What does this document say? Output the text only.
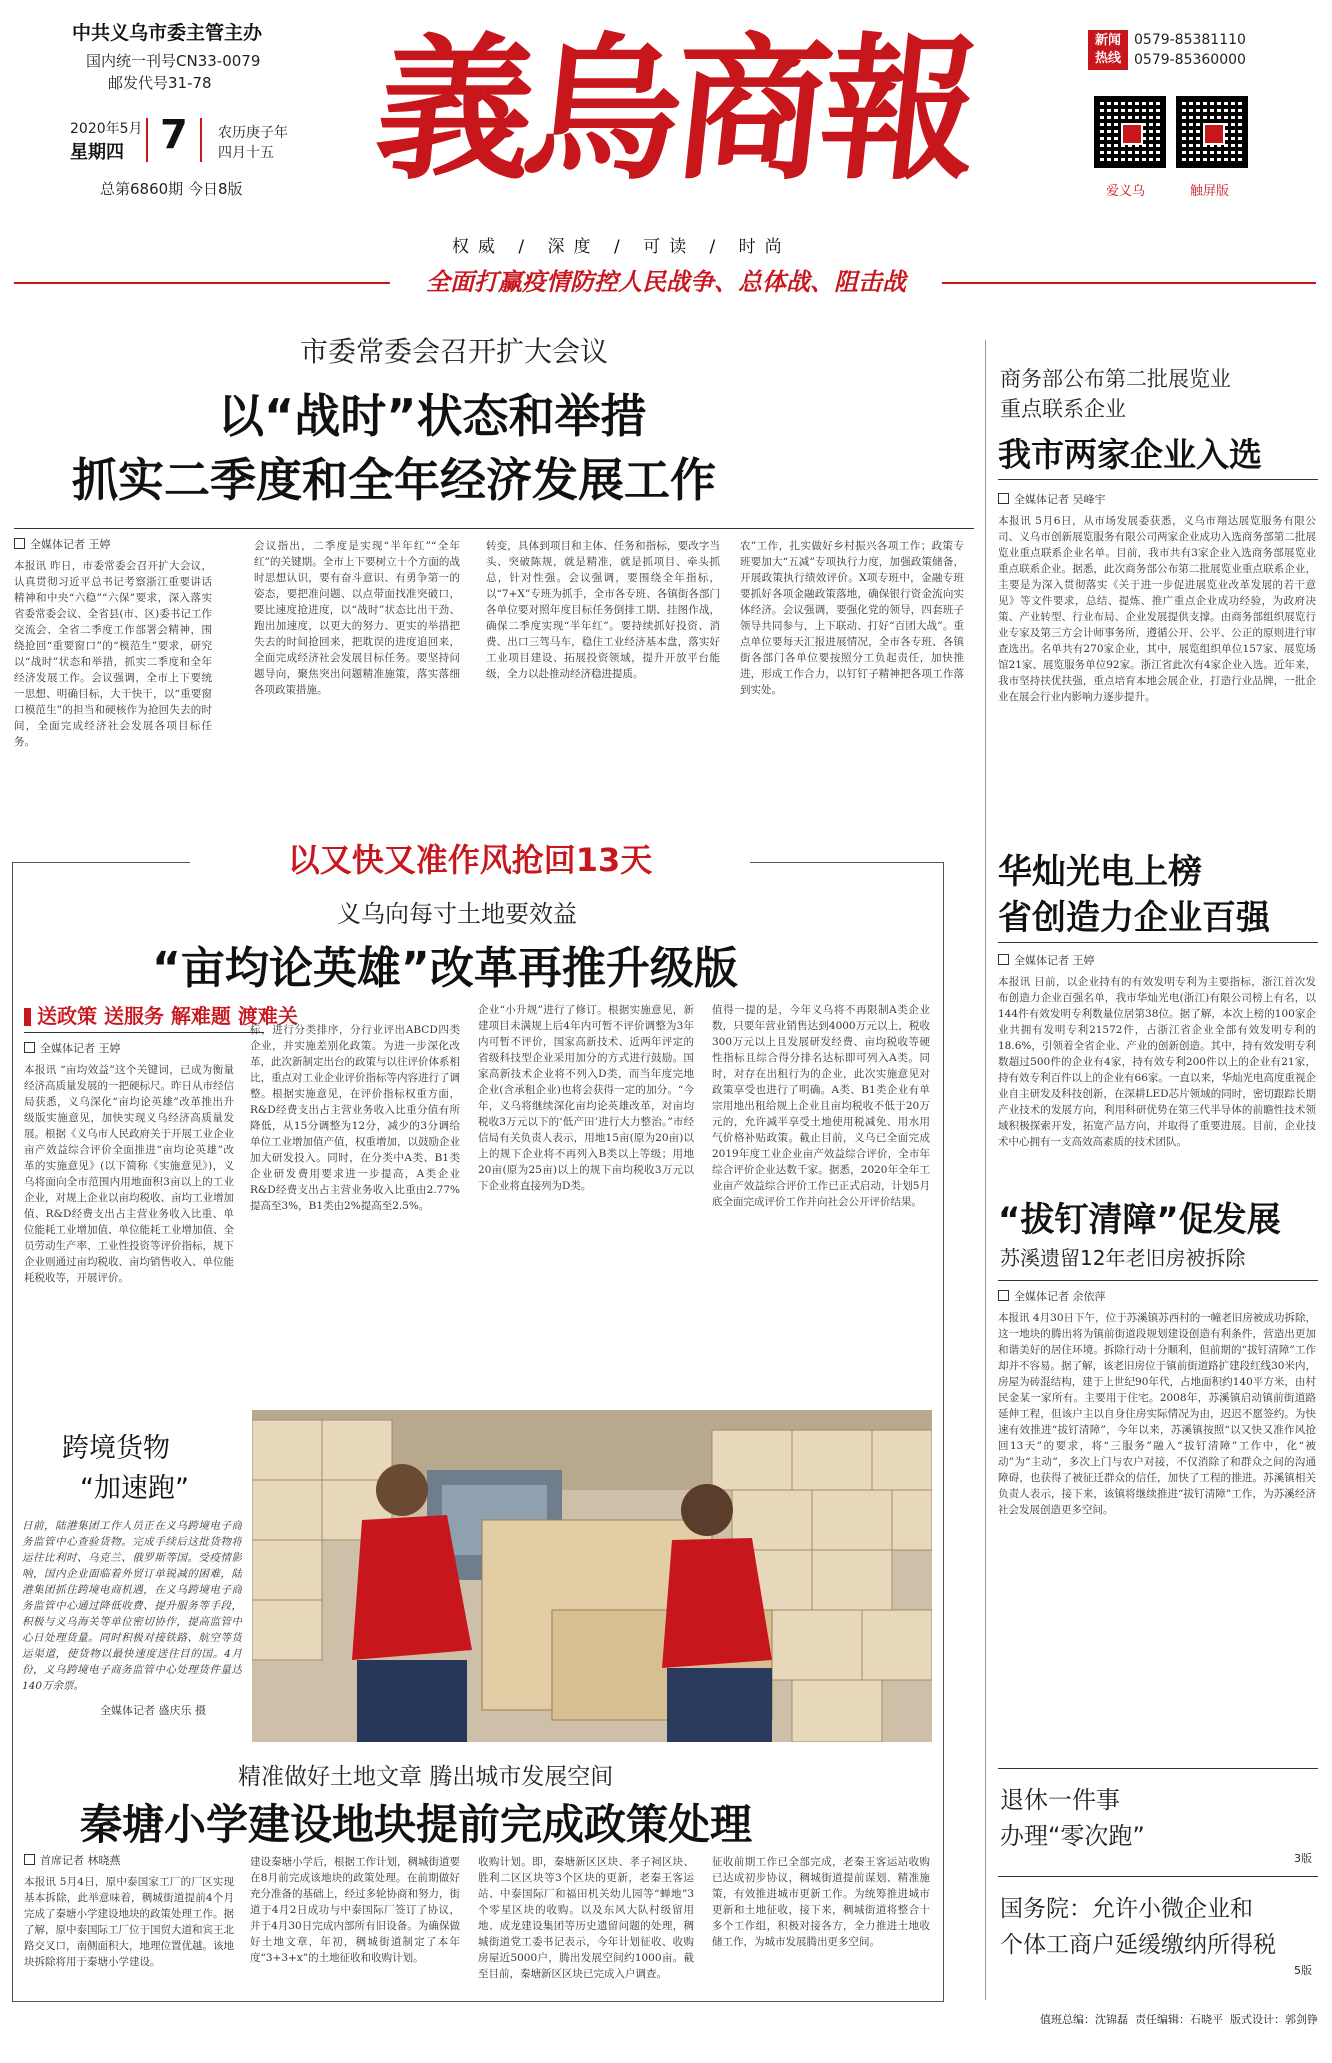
中共义乌市委主管主办
国内统一刊号CN33-0079
邮发代号31-78
2020年5月
星期四 7 农历庚子年
四月十五
总第6860期 今日8版 義烏商報	新闻
热线
0579-85381110
0579-85360000
爱义乌	触屏版
权威 / 深度 / 可读 / 时尚
全面打赢疫情防控人民战争、总体战、阻击战
市委常委会召开扩大会议
以“战时”状态和举措
抓实二季度和全年经济发展工作
全媒体记者 王婷
本报讯 昨日，市委常委会召开扩大会议，认真贯彻习近平总书记考察浙江重要讲话精神和中央“六稳”“六保”要求，深入落实省委常委会议、全省县(市、区)委书记工作交流会、全省二季度工作部署会精神，围绕抢回“重要窗口”的“模范生”要求，研究以“战时”状态和举措，抓实二季度和全年经济发展工作。会议强调，全市上下要统一思想、明确目标，大干快干，以“重要窗口模范生”的担当和硬核作为抢回失去的时间，全面完成经济社会发展各项目标任务。
会议指出，二季度是实现“半年红”“全年红”的关键期。全市上下要树立十个方面的战时思想认识，要有奋斗意识、有勇争第一的姿态，要把准问题、以点带面找准突破口，要比速度抢进度，以“战时”状态比出干劲、跑出加速度，以更大的努力、更实的举措把失去的时间抢回来，把耽误的进度追回来，全面完成经济社会发展目标任务。要坚持问题导向，聚焦突出问题精准施策，落实落细各项政策措施。
转变，具体到项目和主体、任务和指标，要改字当头、突破陈规，就是精准，就是抓项目、牵头抓总，针对性强。会议强调，要围绕全年指标，以“7+X”专班为抓手，全市各专班、各镇街各部门各单位要对照年度目标任务倒排工期、挂图作战，确保二季度实现“半年红”。要持续抓好投资、消费、出口三驾马车，稳住工业经济基本盘，落实好工业项目建设、拓展投资领域，提升开放平台能级，全力以赴推动经济稳进提质。
农”工作，扎实做好乡村振兴各项工作；政策专班要加大“五减”专项执行力度，加强政策储备，开展政策执行绩效评价。X项专班中，金融专班要抓好各项金融政策落地，确保银行资金流向实体经济。会议强调，要强化党的领导，四套班子领导共同参与，上下联动、打好“百团大战”。重点单位要每天汇报进展情况，全市各专班、各镇街各部门各单位要按照分工负起责任，加快推进，形成工作合力，以钉钉子精神把各项工作落到实处。
商务部公布第二批展览业
重点联系企业
我市两家企业入选
全媒体记者 吴峰宇
本报讯 5月6日，从市场发展委获悉，义乌市翔达展览服务有限公司、义乌市创新展览服务有限公司两家企业成功入选商务部第二批展览业重点联系企业名单。目前，我市共有3家企业入选商务部展览业重点联系企业。据悉，此次商务部公布第二批展览业重点联系企业，主要是为深入贯彻落实《关于进一步促进展览业改革发展的若干意见》等文件要求，总结、提炼、推广重点企业成功经验，为政府决策、产业转型、行业布局、企业发展提供支撑。由商务部组织展览行业专家及第三方会计师事务所，遵循公开、公平、公正的原则进行审查选出。名单共有270家企业，其中，展览组织单位157家、展览场馆21家、展览服务单位92家。浙江省此次有4家企业入选。近年来，我市坚持扶优扶强，重点培育本地会展企业，打造行业品牌，一批企业在展会行业内影响力逐步提升。
华灿光电上榜
省创造力企业百强
全媒体记者 王婷
本报讯 日前，以企业持有的有效发明专利为主要指标，浙江首次发布创造力企业百强名单，我市华灿光电(浙江)有限公司榜上有名，以144件有效发明专利数量位居第38位。据了解，本次上榜的100家企业共拥有发明专利21572件，占浙江省企业全部有效发明专利的18.6%，引领着全省企业、产业的创新创造。其中，持有效发明专利数超过500件的企业有4家，持有效专利200件以上的企业有21家，持有效专利百件以上的企业有66家。一直以来，华灿光电高度重视企业自主研发及科技创新，在深耕LED芯片领域的同时，密切跟踪长期产业技术的发展方向，利用科研优势在第三代半导体的前瞻性技术领域积极探索开发，拓宽产品方向，并取得了重要进展。目前，企业技术中心拥有一支高效高素质的技术团队。
“拔钉清障”促发展
苏溪遗留12年老旧房被拆除
全媒体记者 余依萍
本报讯 4月30日下午，位于苏溪镇苏西村的一幢老旧房被成功拆除，这一地块的腾出将为镇前街道段规划建设创造有利条件，营造出更加和谐美好的居住环境。拆除行动十分顺利，但前期的“拔钉清障”工作却并不容易。据了解，该老旧房位于镇前街道路扩建段红线30米内，房屋为砖混结构，建于上世纪90年代，占地面积约140平方米，由村民金某一家所有。主要用于住宅。2008年，苏溪镇启动镇前街道路延伸工程，但该户主以自身住房实际情况为由，迟迟不愿签约。为快速有效推进“拔钉清障”，今年以来，苏溪镇按照“以又快又准作风抢回13天”的要求，将“三服务”融入“拔钉清障”工作中，化“被动”为“主动”，多次上门与农户对接，不仅消除了和群众之间的沟通障碍，也获得了被征迁群众的信任，加快了工程的推进。苏溪镇相关负责人表示，接下来，该镇将继续推进“拔钉清障”工作，为苏溪经济社会发展创造更多空间。
退休一件事
办理“零次跑”
3版
国务院：允许小微企业和
个体工商户延缓缴纳所得税
5版
以又快又准作风抢回13天
义乌向每寸土地要效益
“亩均论英雄”改革再推升级版
送政策 送服务 解难题 渡难关
全媒体记者 王婷
本报讯 “亩均效益”这个关键词，已成为衡量经济高质量发展的一把硬标尺。昨日从市经信局获悉，义乌深化“亩均论英雄”改革推出升级版实施意见，加快实现义乌经济高质量发展。根据《义乌市人民政府关于开展工业企业亩产效益综合评价全面推进“亩均论英雄”改革的实施意见》(以下简称《实施意见》)，义乌将面向全市范围内用地面积3亩以上的工业企业，对规上企业以亩均税收、亩均工业增加值、R&D经费支出占主营业务收入比重、单位能耗工业增加值、单位能耗工业增加值、全员劳动生产率、工业性投资等评价指标，规下企业则通过亩均税收、亩均销售收入、单位能耗税收等，开展评价。
标，进行分类排序，分行业评出ABCD四类企业，并实施差别化政策。为进一步深化改革，此次新制定出台的政策与以往评价体系相比，重点对工业企业评价指标等内容进行了调整。根据实施意见，在评价指标权重方面，R&D经费支出占主营业务收入比重分值有所降低，从15分调整为12分，减少的3分调给单位工业增加值产值，权重增加，以鼓励企业加大研发投入。同时，在分类中A类、B1类企业研发费用要求进一步提高，A类企业R&D经费支出占主营业务收入比重由2.77%提高至3%，B1类由2%提高至2.5%。
企业“小升规”进行了修订。根据实施意见，新建项目未满规上后4年内可暂不评价调整为3年内可暂不评价，国家高新技术、近两年评定的省级科技型企业采用加分的方式进行鼓励。国家高新技术企业将不列入D类，而当年度完地企业(含承租企业)也将会获得一定的加分。“今年，义乌将继续深化亩均论英雄改革，对亩均税收3万元以下的‘低产田’进行大力整治。”市经信局有关负责人表示，用地15亩(原为20亩)以上的规下企业将不再列入B类以上等级；用地20亩(原为25亩)以上的规下亩均税收3万元以下企业将直接列为D类。
值得一提的是，今年义乌将不再限制A类企业数，只要年营业销售达到4000万元以上，税收300万元以上且发展研发经费、亩均税收等硬性指标且综合得分排名达标即可列入A类。同时，对存在出租行为的企业，此次实施意见对政策享受也进行了明确。A类、B1类企业有单宗用地出租给规上企业且亩均税收不低于20万元的，允许减半享受土地使用税减免、用水用气价格补贴政策。截止目前，义乌已全面完成2019年度工业企业亩产效益综合评价，全市年综合评价企业达数千家。据悉，2020年全年工业亩产效益综合评价工作已正式启动，计划5月底全面完成评价工作并向社会公开评价结果。
跨境货物
“加速跑”
日前，陆港集团工作人员正在义乌跨境电子商务监管中心查验货物。完成手续后这批货物将运往比利时、乌克兰、俄罗斯等国。受疫情影响，国内企业面临着外贸订单锐减的困难，陆港集团抓住跨境电商机遇，在义乌跨境电子商务监管中心通过降低收费、提升服务等手段，积极与义乌海关等单位密切协作，提高监管中心日处理货量。同时积极对接铁路、航空等货运渠道，使货物以最快速度送往目的国。4月份，义乌跨境电子商务监管中心处理货件量达140万余票。
全媒体记者 盛庆乐 摄
精准做好土地文章 腾出城市发展空间
秦塘小学建设地块提前完成政策处理
首席记者 林晓燕
本报讯 5月4日，原中泰国家工厂的厂区实现基本拆除，此举意味着，稠城街道提前4个月完成了秦塘小学建设地块的政策处理工作。据了解，原中泰国际工厂位于国贸大道和宾王北路交叉口，南侧面积大，地理位置优越。该地块拆除将用于秦塘小学建设。
建设秦塘小学后，根据工作计划，稠城街道要在8月前完成该地块的政策处理。在前期做好充分准备的基础上，经过多轮协商和努力，街道于4月2日成功与中泰国际厂签订了协议，并于4月30日完成内部所有旧设备。为确保做好土地文章，年初，稠城街道制定了本年度“3+3+x”的土地征收和收购计划。
收购计划。即，秦塘新区区块、孝子祠区块、胜利二区区块等3个区块的更新，老秦王客运站、中泰国际厂和福田机关幼儿园等“蝉地”3个零星区块的收购。以及东风大队村级留用地、成龙建设集团等历史遗留问题的处理，稠城街道党工委书记表示，今年计划征收、收购房屋近5000户，腾出发展空间约1000亩。截至目前，秦塘新区区块已完成入户调查。
征收前期工作已全部完成，老秦王客运站收购已达成初步协议，稠城街道提前谋划、精准施策，有效推进城市更新工作。为统筹推进城市更新和土地征收，接下来，稠城街道将整合十多个工作组，积极对接各方，全力推进土地收储工作，为城市发展腾出更多空间。
值班总编：沈锦磊  责任编辑：石晓平  版式设计：郭剑铮
